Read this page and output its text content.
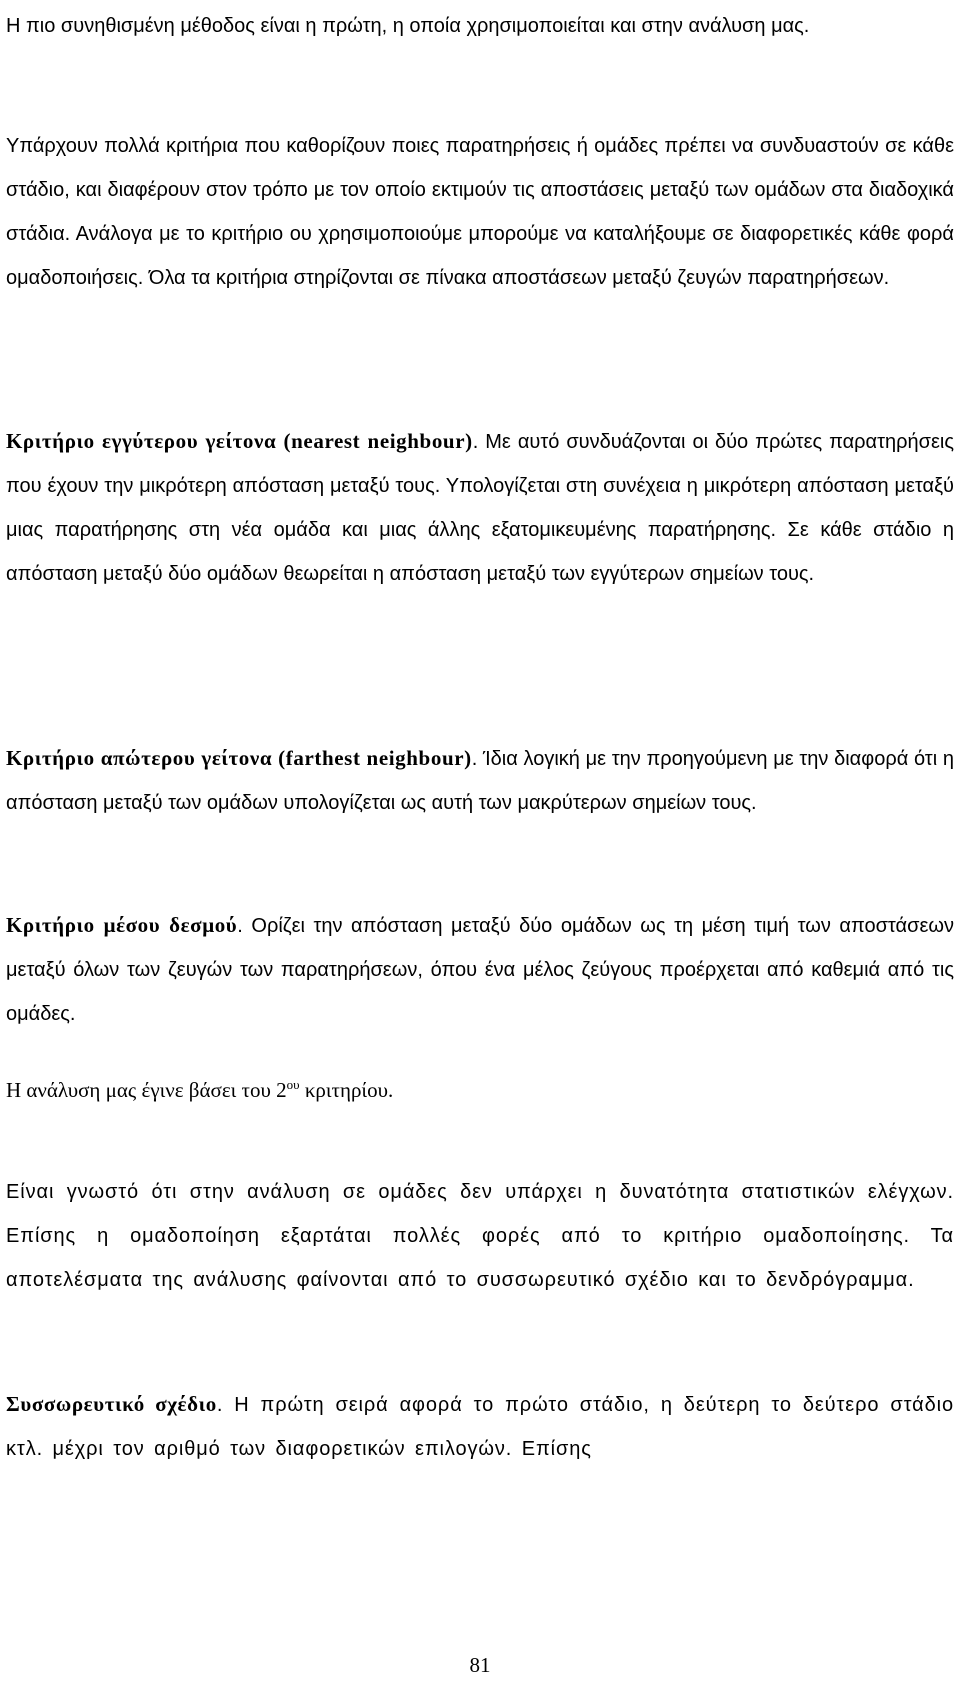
Η πιο συνηθισμένη μέθοδος είναι η πρώτη, η οποία χρησιμοποιείται και στην ανάλυση μας.

Υπάρχουν πολλά κριτήρια που καθορίζουν ποιες παρατηρήσεις ή ομάδες πρέπει να συνδυαστούν σε κάθε στάδιο, και διαφέρουν στον τρόπο με τον οποίο εκτιμούν τις αποστάσεις μεταξύ των ομάδων στα διαδοχικά στάδια. Ανάλογα με το κριτήριο ου χρησιμοποιούμε μπορούμε να καταλήξουμε σε διαφορετικές κάθε φορά ομαδοποιήσεις. Όλα τα κριτήρια στηρίζονται σε πίνακα αποστάσεων μεταξύ ζευγών παρατηρήσεων.

Κριτήριο εγγύτερου γείτονα (nearest neighbour). Με αυτό συνδυάζονται οι δύο πρώτες παρατηρήσεις που έχουν την μικρότερη απόσταση μεταξύ τους. Υπολογίζεται στη συνέχεια η μικρότερη απόσταση μεταξύ μιας παρατήρησης στη νέα ομάδα και μιας άλλης εξατομικευμένης παρατήρησης. Σε κάθε στάδιο η απόσταση μεταξύ δύο ομάδων θεωρείται η απόσταση μεταξύ των εγγύτερων σημείων τους.

Κριτήριο απώτερου γείτονα (farthest neighbour). Ίδια λογική με την προηγούμενη με την διαφορά ότι η απόσταση μεταξύ των ομάδων υπολογίζεται ως αυτή των μακρύτερων σημείων τους.

Κριτήριο μέσου δεσμού. Ορίζει την απόσταση μεταξύ δύο ομάδων ως τη μέση τιμή των αποστάσεων μεταξύ όλων των ζευγών των παρατηρήσεων, όπου ένα μέλος ζεύγους προέρχεται από καθεμιά από τις ομάδες.

Η ανάλυση μας έγινε βάσει του $2^{o\upsilon}$ κριτηρίου.

Είναι γνωστό ότι στην ανάλυση σε ομάδες δεν υπάρχει η δυνατότητα στατιστικών ελέγχων. Επίσης η ομαδοποίηση εξαρτάται πολλές φορές από το κριτήριο ομαδοποίησης. Τα αποτελέσματα της ανάλυσης φαίνονται από το συσσωρευτικό σχέδιο και το δενδρόγραμμα.

Συσσωρευτικό σχέδιο. Η πρώτη σειρά αφορά το πρώτο στάδιο, η δεύτερη το δεύτερο στάδιο κτλ. μέχρι τον αριθμό των διαφορετικών επιλογών. Επίσης

81
